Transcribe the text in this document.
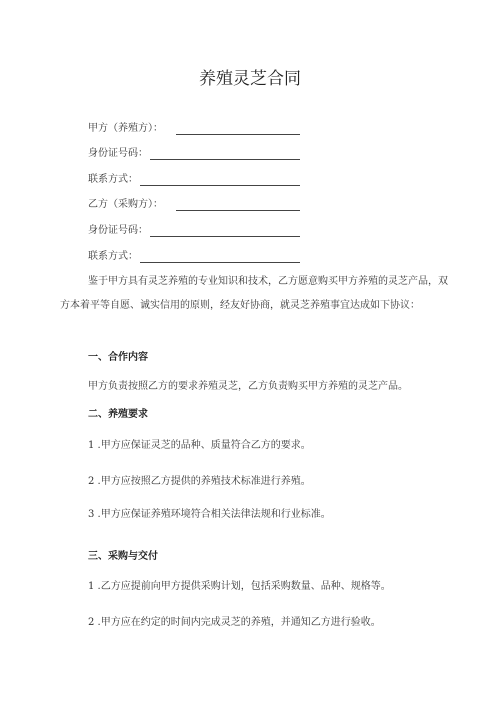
养殖灵芝合同
甲方（养殖方）：
身份证号码：
联系方式：
乙方（采购方）：
身份证号码：
联系方式：
鉴于甲方具有灵芝养殖的专业知识和技术，乙方愿意购买甲方养殖的灵芝产品，双方本着平等自愿、诚实信用的原则，经友好协商，就灵芝养殖事宜达成如下协议：
一、合作内容
甲方负责按照乙方的要求养殖灵芝，乙方负责购买甲方养殖的灵芝产品。
二、养殖要求
1 .甲方应保证灵芝的品种、质量符合乙方的要求。
2 .甲方应按照乙方提供的养殖技术标准进行养殖。
3 .甲方应保证养殖环境符合相关法律法规和行业标准。
三、采购与交付
1 .乙方应提前向甲方提供采购计划，包括采购数量、品种、规格等。
2 .甲方应在约定的时间内完成灵芝的养殖，并通知乙方进行验收。
